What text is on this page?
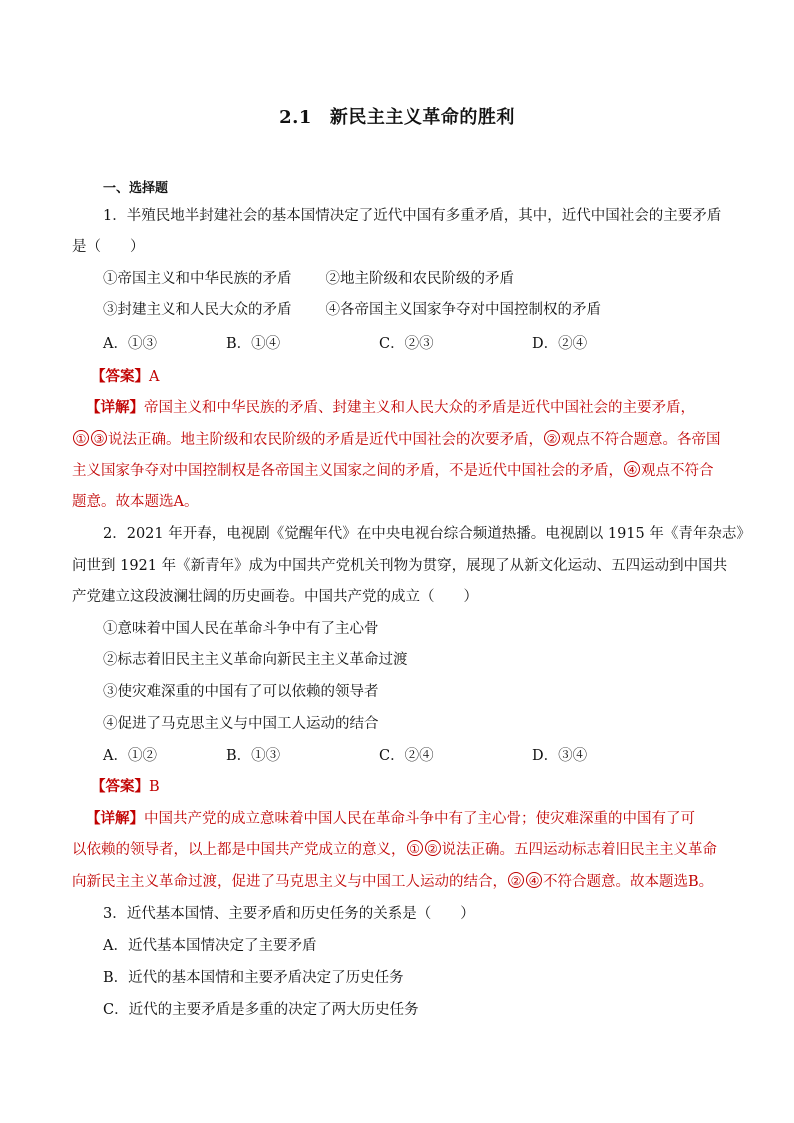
2.1 新民主主义革命的胜利
一、选择题
1．半殖民地半封建社会的基本国情决定了近代中国有多重矛盾，其中，近代中国社会的主要矛盾
是（　　）
①帝国主义和中华民族的矛盾 ②地主阶级和农民阶级的矛盾
③封建主义和人民大众的矛盾 ④各帝国主义国家争夺对中国控制权的矛盾
A．①③	B．①④	C．②③	D．②④
【答案】A
【详解】帝国主义和中华民族的矛盾、封建主义和人民大众的矛盾是近代中国社会的主要矛盾，
① ③ 说法正确。地主阶级和农民阶级的矛盾是近代中国社会的次要矛盾， ② 观点不符合题意。各帝国
主义国家争夺对中国控制权是各帝国主义国家之间的矛盾，不是近代中国社会的矛盾， ④ 观点不符合
题意。故本题选A。
2．2021 年开春，电视剧《觉醒年代》在中央电视台综合频道热播。电视剧以 1915 年《青年杂志》
问世到 1921 年《新青年》成为中国共产党机关刊物为贯穿，展现了从新文化运动、五四运动到中国共
产党建立这段波澜壮阔的历史画卷。中国共产党的成立（　　）
①意味着中国人民在革命斗争中有了主心骨
②标志着旧民主主义革命向新民主主义革命过渡
③使灾难深重的中国有了可以依赖的领导者
④促进了马克思主义与中国工人运动的结合
A．①②	B．①③	C．②④	D．③④
【答案】B
【详解】中国共产党的成立意味着中国人民在革命斗争中有了主心骨；使灾难深重的中国有了可
以依赖的领导者，以上都是中国共产党成立的意义， ① ② 说法正确。五四运动标志着旧民主主义革命
向新民主主义革命过渡，促进了马克思主义与中国工人运动的结合， ② ④ 不符合题意。故本题选B。
3．近代基本国情、主要矛盾和历史任务的关系是（　　）
A．近代基本国情决定了主要矛盾
B．近代的基本国情和主要矛盾决定了历史任务
C．近代的主要矛盾是多重的决定了两大历史任务
